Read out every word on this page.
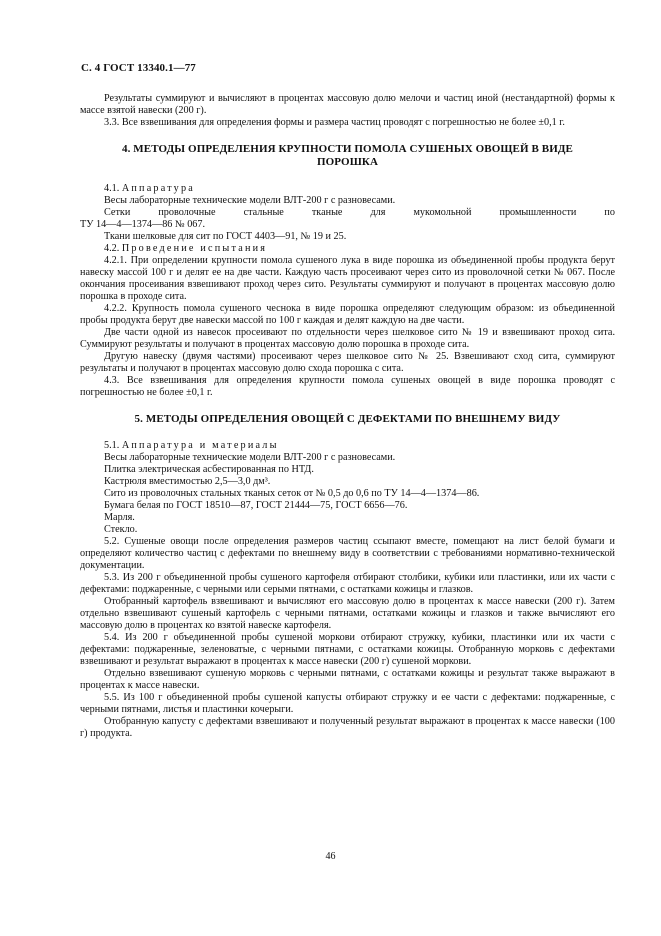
С. 4 ГОСТ 13340.1—77

Результаты суммируют и вычисляют в процентах массовую долю мелочи и частиц иной (нестандартной) формы к массе взятой навески (200 г).

3.3. Все взвешивания для определения формы и размера частиц проводят с погрешностью не более ±0,1 г.

4. МЕТОДЫ ОПРЕДЕЛЕНИЯ КРУПНОСТИ ПОМОЛА СУШЕНЫХ ОВОЩЕЙ В ВИДЕ ПОРОШКА

4.1. Аппаратура

Весы лабораторные технические модели ВЛТ-200 г с разновесами.

Сетки	проволочные	стальные	тканые	для	мукомольной	промышленности	по

ТУ 14—4—1374—86 № 067.

Ткани шелковые для сит по ГОСТ 4403—91, № 19 и 25.

4.2. Проведение испытания

4.2.1. При определении крупности помола сушеного лука в виде порошка из объединенной пробы продукта берут навеску массой 100 г и делят ее на две части. Каждую часть просеивают через сито из проволочной сетки № 067. После окончания просеивания взвешивают проход через сито. Результаты суммируют и получают в процентах массовую долю порошка в проходе сита.

4.2.2. Крупность помола сушеного чеснока в виде порошка определяют следующим образом: из объединенной пробы продукта берут две навески массой по 100 г каждая и делят каждую на две части.

Две части одной из навесок просеивают по отдельности через шелковое сито № 19 и взвешивают проход сита. Суммируют результаты и получают в процентах массовую долю порошка в проходе сита.

Другую навеску (двумя частями) просеивают через шелковое сито № 25. Взвешивают сход сита, суммируют результаты и получают в процентах массовую долю схода порошка с сита.

4.3. Все взвешивания для определения крупности помола сушеных овощей в виде порошка проводят с погрешностью не более ±0,1 г.

5. МЕТОДЫ ОПРЕДЕЛЕНИЯ ОВОЩЕЙ С ДЕФЕКТАМИ ПО ВНЕШНЕМУ ВИДУ

5.1. Аппаратура и материалы

Весы лабораторные технические модели ВЛТ-200 г с разновесами.

Плитка электрическая асбестированная по НТД.

Кастрюля вместимостью 2,5—3,0 дм³.

Сито из проволочных стальных тканых сеток от № 0,5 до 0,6 по ТУ 14—4—1374—86.

Бумага белая по ГОСТ 18510—87, ГОСТ 21444—75, ГОСТ 6656—76.

Марля.

Стекло.

5.2. Сушеные овощи после определения размеров частиц ссыпают вместе, помещают на лист белой бумаги и определяют количество частиц с дефектами по внешнему виду в соответствии с требованиями нормативно-технической документации.

5.3. Из 200 г объединенной пробы сушеного картофеля отбирают столбики, кубики или пластинки, или их части с дефектами: поджаренные, с черными или серыми пятнами, с остатками кожицы и глазков.

Отобранный картофель взвешивают и вычисляют его массовую долю в процентах к массе навески (200 г). Затем отдельно взвешивают сушеный картофель с черными пятнами, остатками кожицы и глазков и также вычисляют его массовую долю в процентах ко взятой навеске картофеля.

5.4. Из 200 г объединенной пробы сушеной моркови отбирают стружку, кубики, пластинки или их части с дефектами: поджаренные, зеленоватые, с черными пятнами, с остатками кожицы. Отобранную морковь с дефектами взвешивают и результат выражают в процентах к массе навески (200 г) сушеной моркови.

Отдельно взвешивают сушеную морковь с черными пятнами, с остатками кожицы и результат также выражают в процентах к массе навески.

5.5. Из 100 г объединенной пробы сушеной капусты отбирают стружку и ее части с дефектами: поджаренные, с черными пятнами, листья и пластинки кочерыги.

Отобранную капусту с дефектами взвешивают и полученный результат выражают в процентах к массе навески (100 г) продукта.

46
